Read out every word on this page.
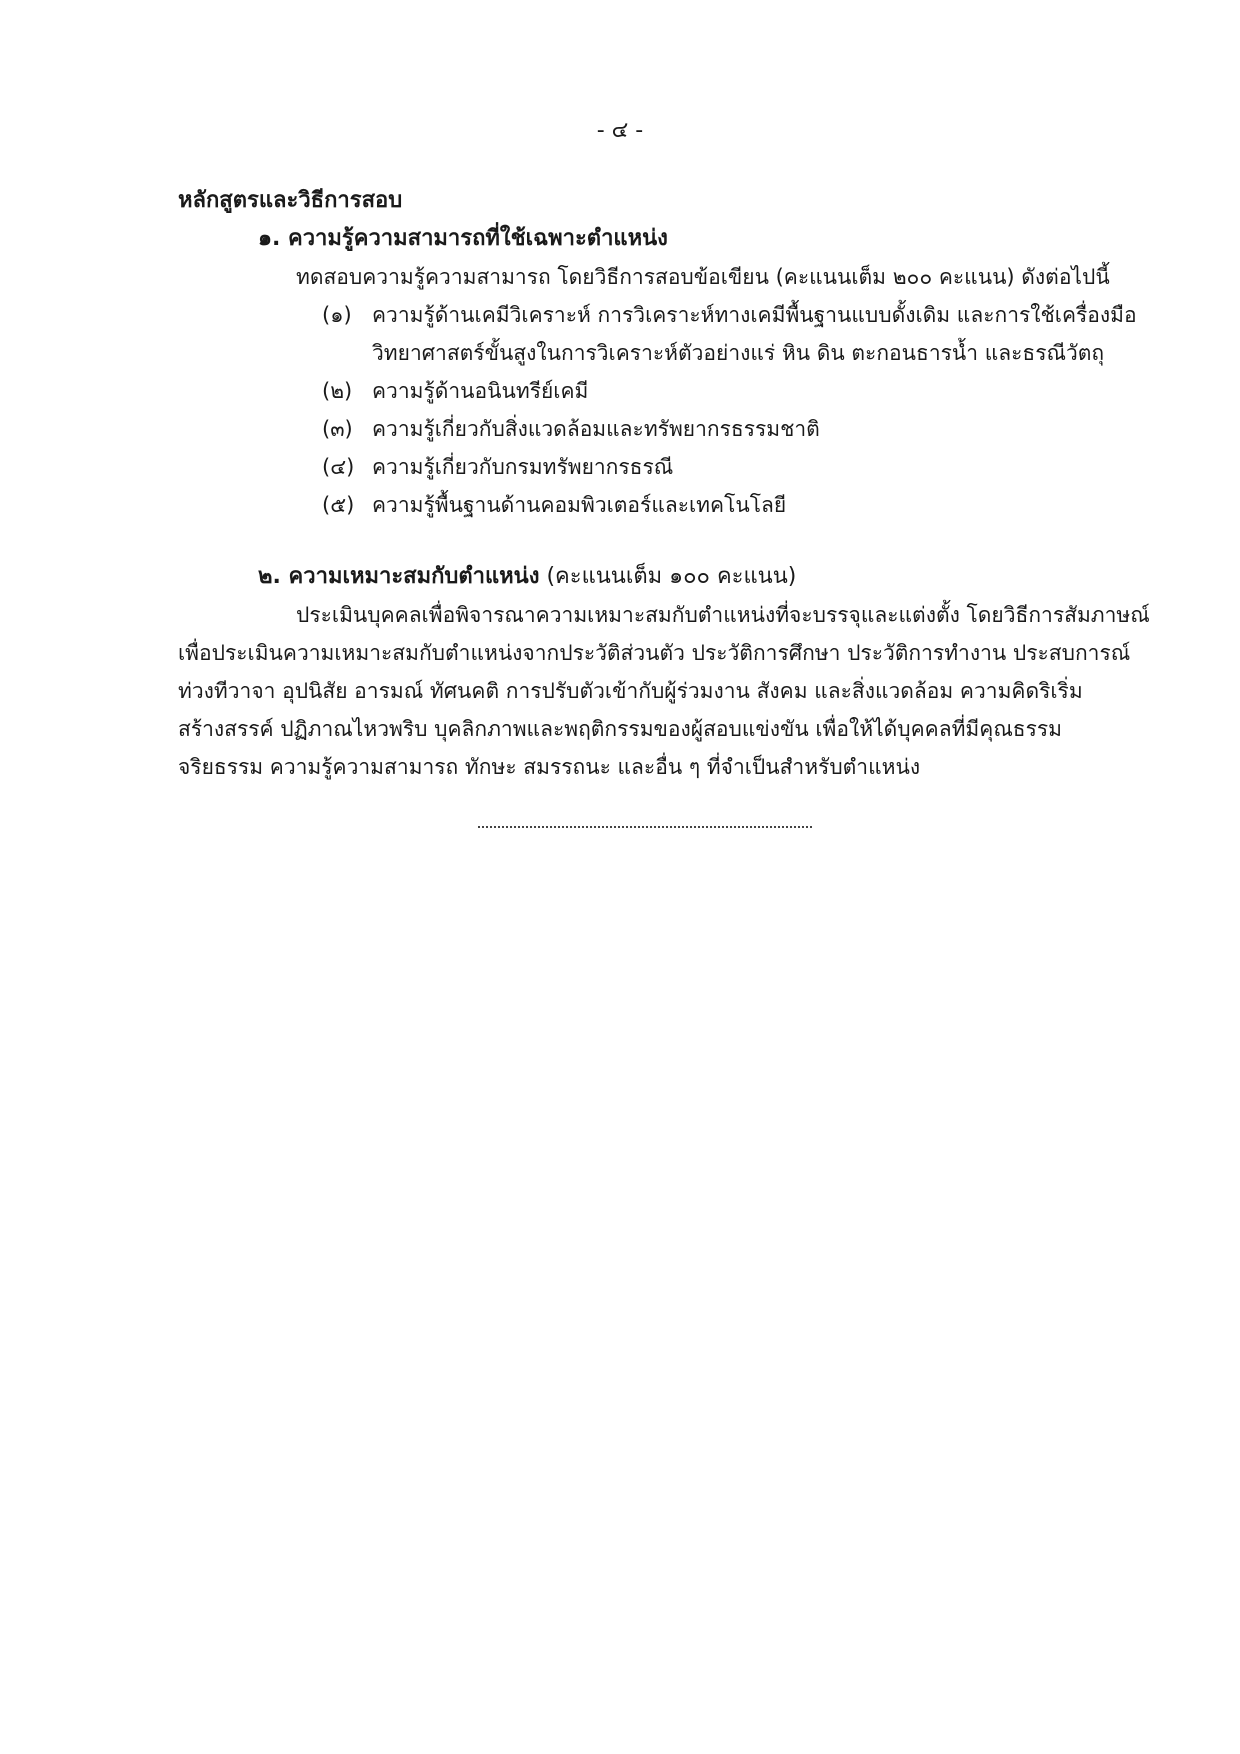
- ๔ -
หลักสูตรและวิธีการสอบ
๑. ความรู้ความสามารถที่ใช้เฉพาะตำแหน่ง
ทดสอบความรู้ความสามารถ โดยวิธีการสอบข้อเขียน (คะแนนเต็ม ๒๐๐ คะแนน) ดังต่อไปนี้
(๑) ความรู้ด้านเคมีวิเคราะห์ การวิเคราะห์ทางเคมีพื้นฐานแบบดั้งเดิม และการใช้เครื่องมือ
วิทยาศาสตร์ขั้นสูงในการวิเคราะห์ตัวอย่างแร่ หิน ดิน ตะกอนธารน้ำ และธรณีวัตถุ
(๒) ความรู้ด้านอนินทรีย์เคมี
(๓) ความรู้เกี่ยวกับสิ่งแวดล้อมและทรัพยากรธรรมชาติ
(๔) ความรู้เกี่ยวกับกรมทรัพยากรธรณี
(๕) ความรู้พื้นฐานด้านคอมพิวเตอร์และเทคโนโลยี
๒. ความเหมาะสมกับตำแหน่ง (คะแนนเต็ม ๑๐๐ คะแนน)
ประเมินบุคคลเพื่อพิจารณาความเหมาะสมกับตำแหน่งที่จะบรรจุและแต่งตั้ง โดยวิธีการสัมภาษณ์
เพื่อประเมินความเหมาะสมกับตำแหน่งจากประวัติส่วนตัว ประวัติการศึกษา ประวัติการทำงาน ประสบการณ์
ท่วงทีวาจา อุปนิสัย อารมณ์ ทัศนคติ การปรับตัวเข้ากับผู้ร่วมงาน สังคม และสิ่งแวดล้อม ความคิดริเริ่ม
สร้างสรรค์ ปฏิภาณไหวพริบ บุคลิกภาพและพฤติกรรมของผู้สอบแข่งขัน เพื่อให้ได้บุคคลที่มีคุณธรรม
จริยธรรม ความรู้ความสามารถ ทักษะ สมรรถนะ และอื่น ๆ ที่จำเป็นสำหรับตำแหน่ง
